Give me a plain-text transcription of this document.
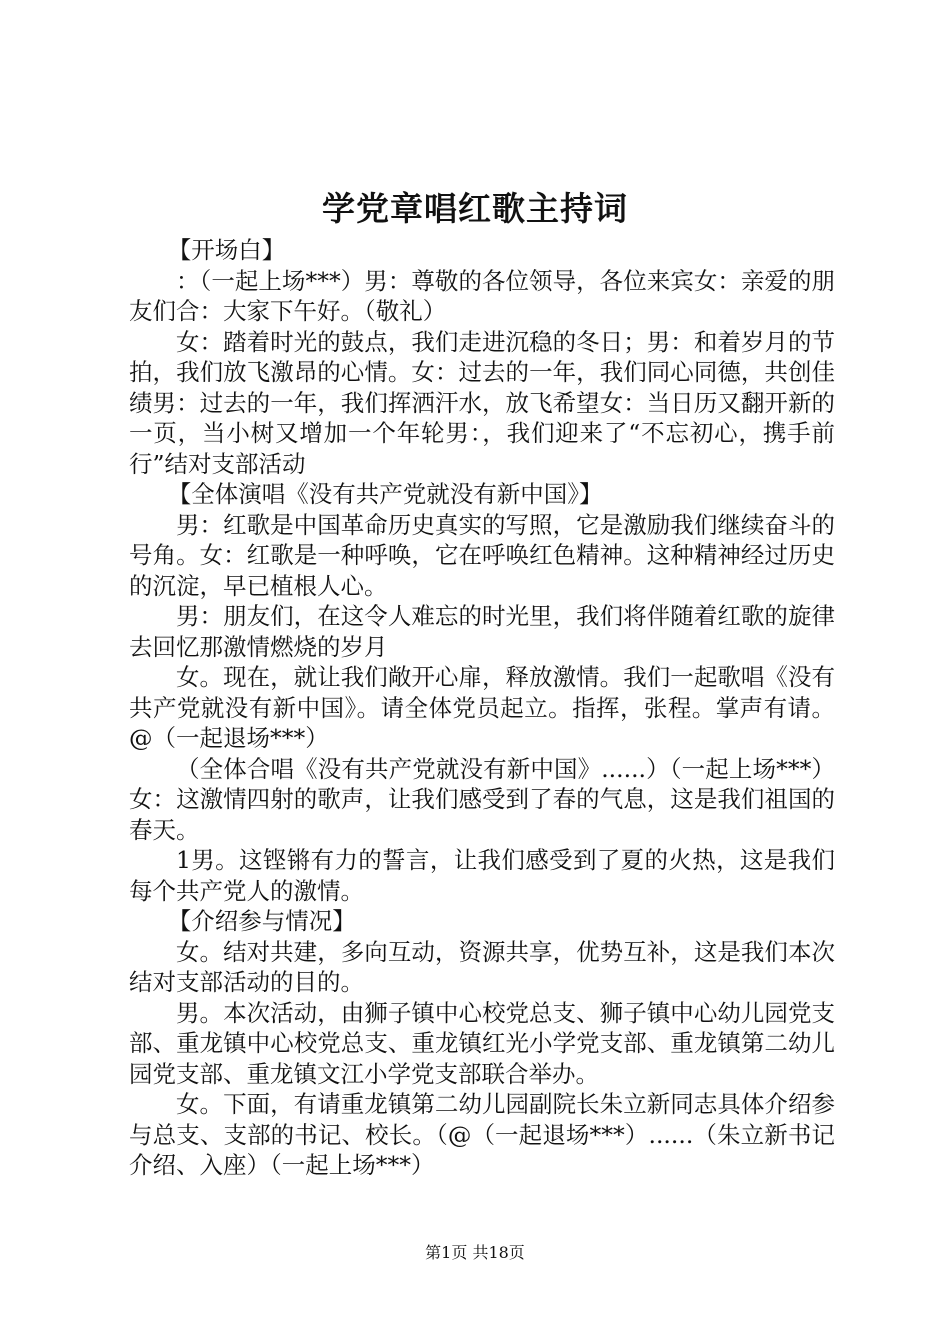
学党章唱红歌主持词

【开场白】

：（一起上场***）男：尊敬的各位领导，各位来宾女：亲爱的朋友们合：大家下午好。（敬礼）

女：踏着时光的鼓点，我们走进沉稳的冬日；男：和着岁月的节拍，我们放飞激昂的心情。女：过去的一年，我们同心同德，共创佳绩男：过去的一年，我们挥洒汗水，放飞希望女：当日历又翻开新的一页，当小树又增加一个年轮男：，我们迎来了“不忘初心，携手前行”结对支部活动

【全体演唱《没有共产党就没有新中国》】

男：红歌是中国革命历史真实的写照，它是激励我们继续奋斗的号角。女：红歌是一种呼唤，它在呼唤红色精神。这种精神经过历史的沉淀，早已植根人心。

男：朋友们，在这令人难忘的时光里，我们将伴随着红歌的旋律去回忆那激情燃烧的岁月

女。现在，就让我们敞开心扉，释放激情。我们一起歌唱《没有共产党就没有新中国》。请全体党员起立。指挥，张程。掌声有请。@（一起退场***）

（全体合唱《没有共产党就没有新中国》......）（一起上场***）女：这激情四射的歌声，让我们感受到了春的气息，这是我们祖国的春天。

1男。这铿锵有力的誓言，让我们感受到了夏的火热，这是我们每个共产党人的激情。

【介绍参与情况】

女。结对共建，多向互动，资源共享，优势互补，这是我们本次结对支部活动的目的。

男。本次活动，由狮子镇中心校党总支、狮子镇中心幼儿园党支部、重龙镇中心校党总支、重龙镇红光小学党支部、重龙镇第二幼儿园党支部、重龙镇文江小学党支部联合举办。

女。下面，有请重龙镇第二幼儿园副院长朱立新同志具体介绍参与总支、支部的书记、校长。（@（一起退场***）......（朱立新书记介绍、入座）（一起上场***）

第1页 共18页
